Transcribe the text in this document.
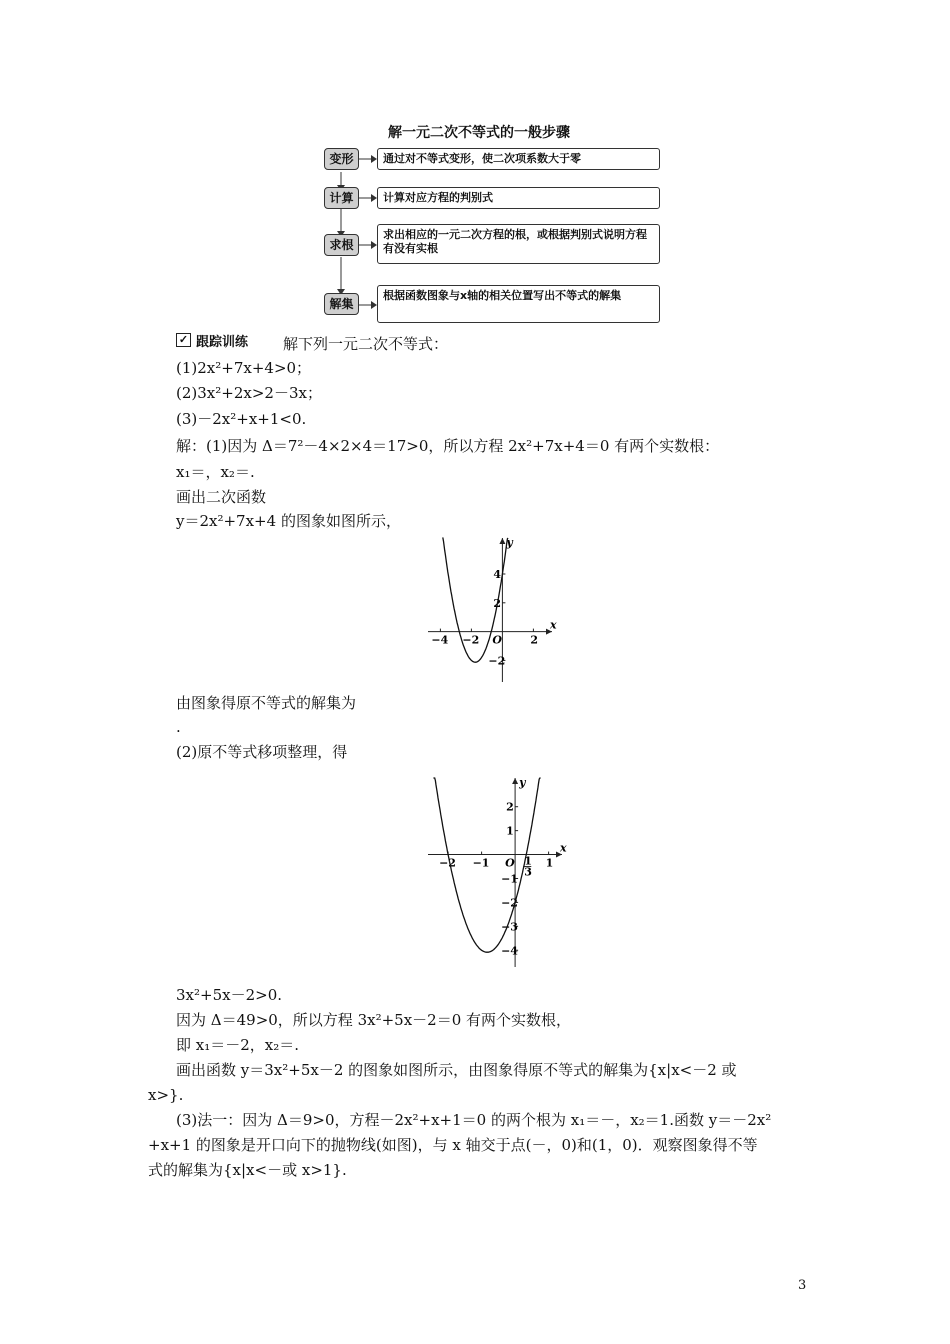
解一元二次不等式的一般步骤
变形	通过对不等式变形，使二次项系数大于零
计算	计算对应方程的判别式
求根
求出相应的一元二次方程的根，或根据判别式说明方程有没有实根
解集
根据函数图象与x轴的相关位置写出不等式的解集
✓ 跟踪训练 解下列一元二次不等式：
(1)2x²+7x+4>0；
(2)3x²+2x>2－3x；
(3)－2x²+x+1<0.
解：(1)因为 Δ＝7²－4×2×4＝17>0，所以方程 2x²+7x+4＝0 有两个实数根：
x₁＝，x₂＝.
画出二次函数
y＝2x²+7x+4 的图象如图所示，
x
y
O
−4 −2	2
4
2
−2
由图象得原不等式的解集为
.
(2)原不等式移项整理，得
x
y
O
−2 −1	1
2
1
−1
−2
−3
−4
1
3
3x²+5x－2>0.
因为 Δ＝49>0，所以方程 3x²+5x－2＝0 有两个实数根，
即 x₁＝－2，x₂＝.
画出函数 y＝3x²+5x－2 的图象如图所示，由图象得原不等式的解集为{x|x<－2 或
x>}.
(3)法一：因为 Δ＝9>0，方程－2x²+x+1＝0 的两个根为 x₁＝－，x₂＝1.函数 y＝－2x²
+x+1 的图象是开口向下的抛物线(如图)，与 x 轴交于点(－，0)和(1，0)．观察图象得不等
式的解集为{x|x<－或 x>1}.
3
